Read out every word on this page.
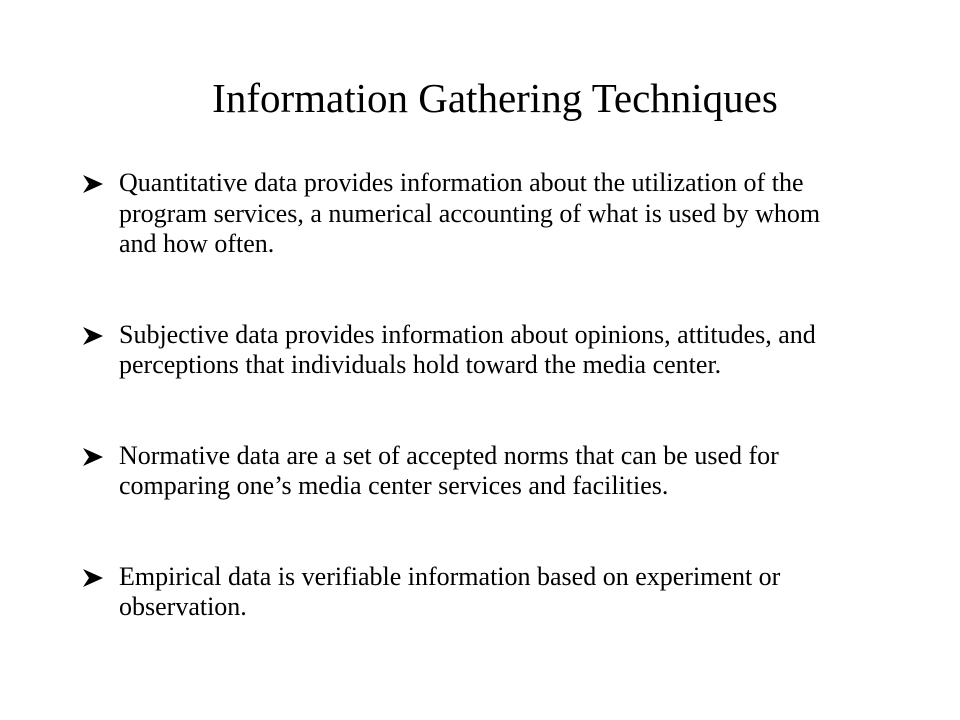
Information Gathering Techniques
Quantitative data provides information about the utilization of the program services, a numerical accounting of what is used by whom and how often.
Subjective data provides information about opinions, attitudes, and perceptions that individuals hold toward the media center.
Normative data are a set of accepted norms that can be used for comparing one’s media center services and facilities.
Empirical data is verifiable information based on experiment or observation.
